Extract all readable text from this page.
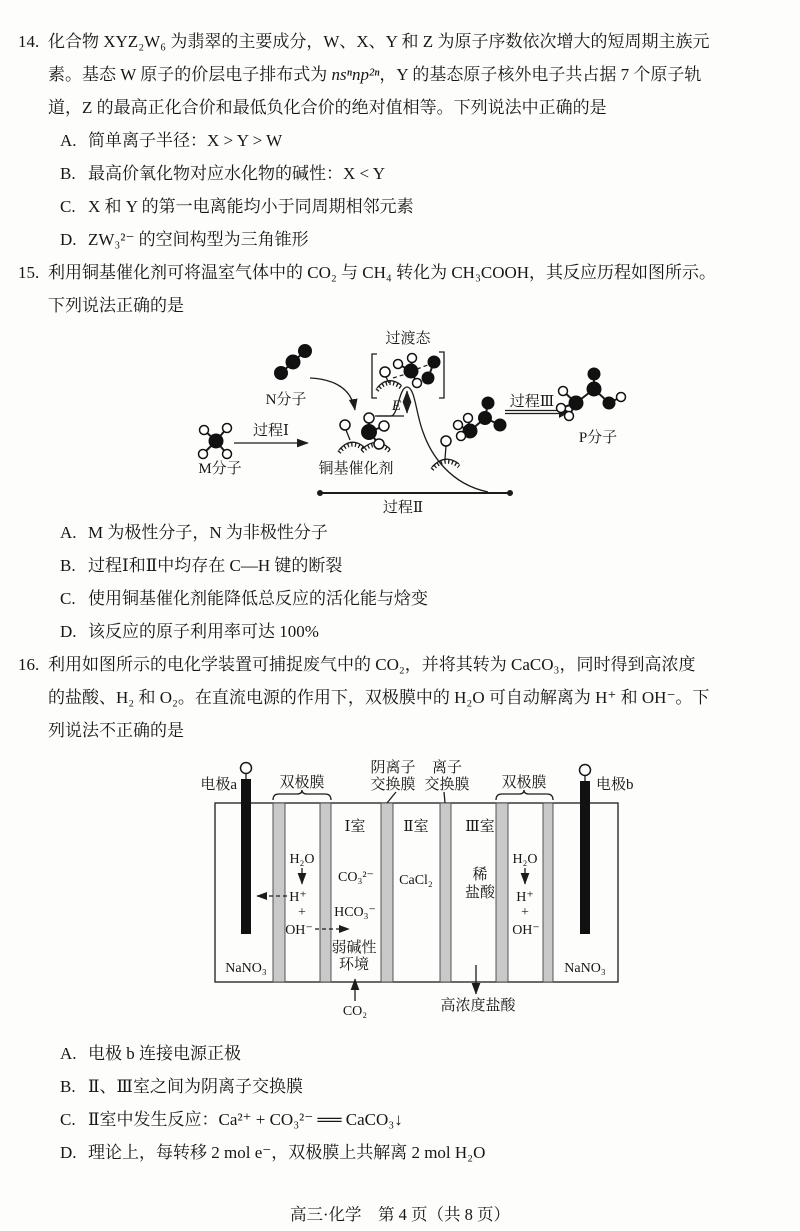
14. 化合物 XYZ₂W₆ 为翡翠的主要成分，W、X、Y 和 Z 为原子序数依次增大的短周期主族元
素。基态 W 原子的价层电子排布式为 nsⁿnp²ⁿ，Y 的基态原子核外电子共占据 7 个原子轨
道，Z 的最高正化合价和最低负化合价的绝对值相等。下列说法中正确的是
A. 简单离子半径：X > Y > W
B. 最高价氧化物对应水化物的碱性：X < Y
C. X 和 Y 的第一电离能均小于同周期相邻元素
D. ZW₃²⁻ 的空间构型为三角锥形
15. 利用铜基催化剂可将温室气体中的 CO₂ 与 CH₄ 转化为 CH₃COOH，其反应历程如图所示。
下列说法正确的是
M分子
过程Ⅰ
N分子
铜基催化剂
过渡态
E	过程Ⅲ
P分子
过程Ⅱ
A. M 为极性分子，N 为非极性分子
B. 过程Ⅰ和Ⅱ中均存在 C—H 键的断裂
C. 使用铜基催化剂能降低总反应的活化能与焓变
D. 该反应的原子利用率可达 100%
16. 利用如图所示的电化学装置可捕捉废气中的 CO₂，并将其转为 CaCO₃，同时得到高浓度
的盐酸、H₂ 和 O₂。在直流电源的作用下，双极膜中的 H₂O 可自动解离为 H⁺ 和 OH⁻。下
列说法不正确的是
电极a	电极b
双极膜	双极膜
阴离子
交换膜
离子
交换膜
Ⅰ室	Ⅱ室 Ⅲ室
H₂O
H⁺
+
OH⁻
CO₃²⁻
HCO₃⁻
弱碱性
环境
CO₂
CaCl₂	稀
盐酸
高浓度盐酸
H₂O
H⁺
+
OH⁻
NaNO₃	NaNO₃
A. 电极 b 连接电源正极
B. Ⅱ、Ⅲ室之间为阴离子交换膜
C. Ⅱ室中发生反应：Ca²⁺ + CO₃²⁻ ══ CaCO₃↓
D. 理论上，每转移 2 mol e⁻，双极膜上共解离 2 mol H₂O
高三·化学　第 4 页（共 8 页）
